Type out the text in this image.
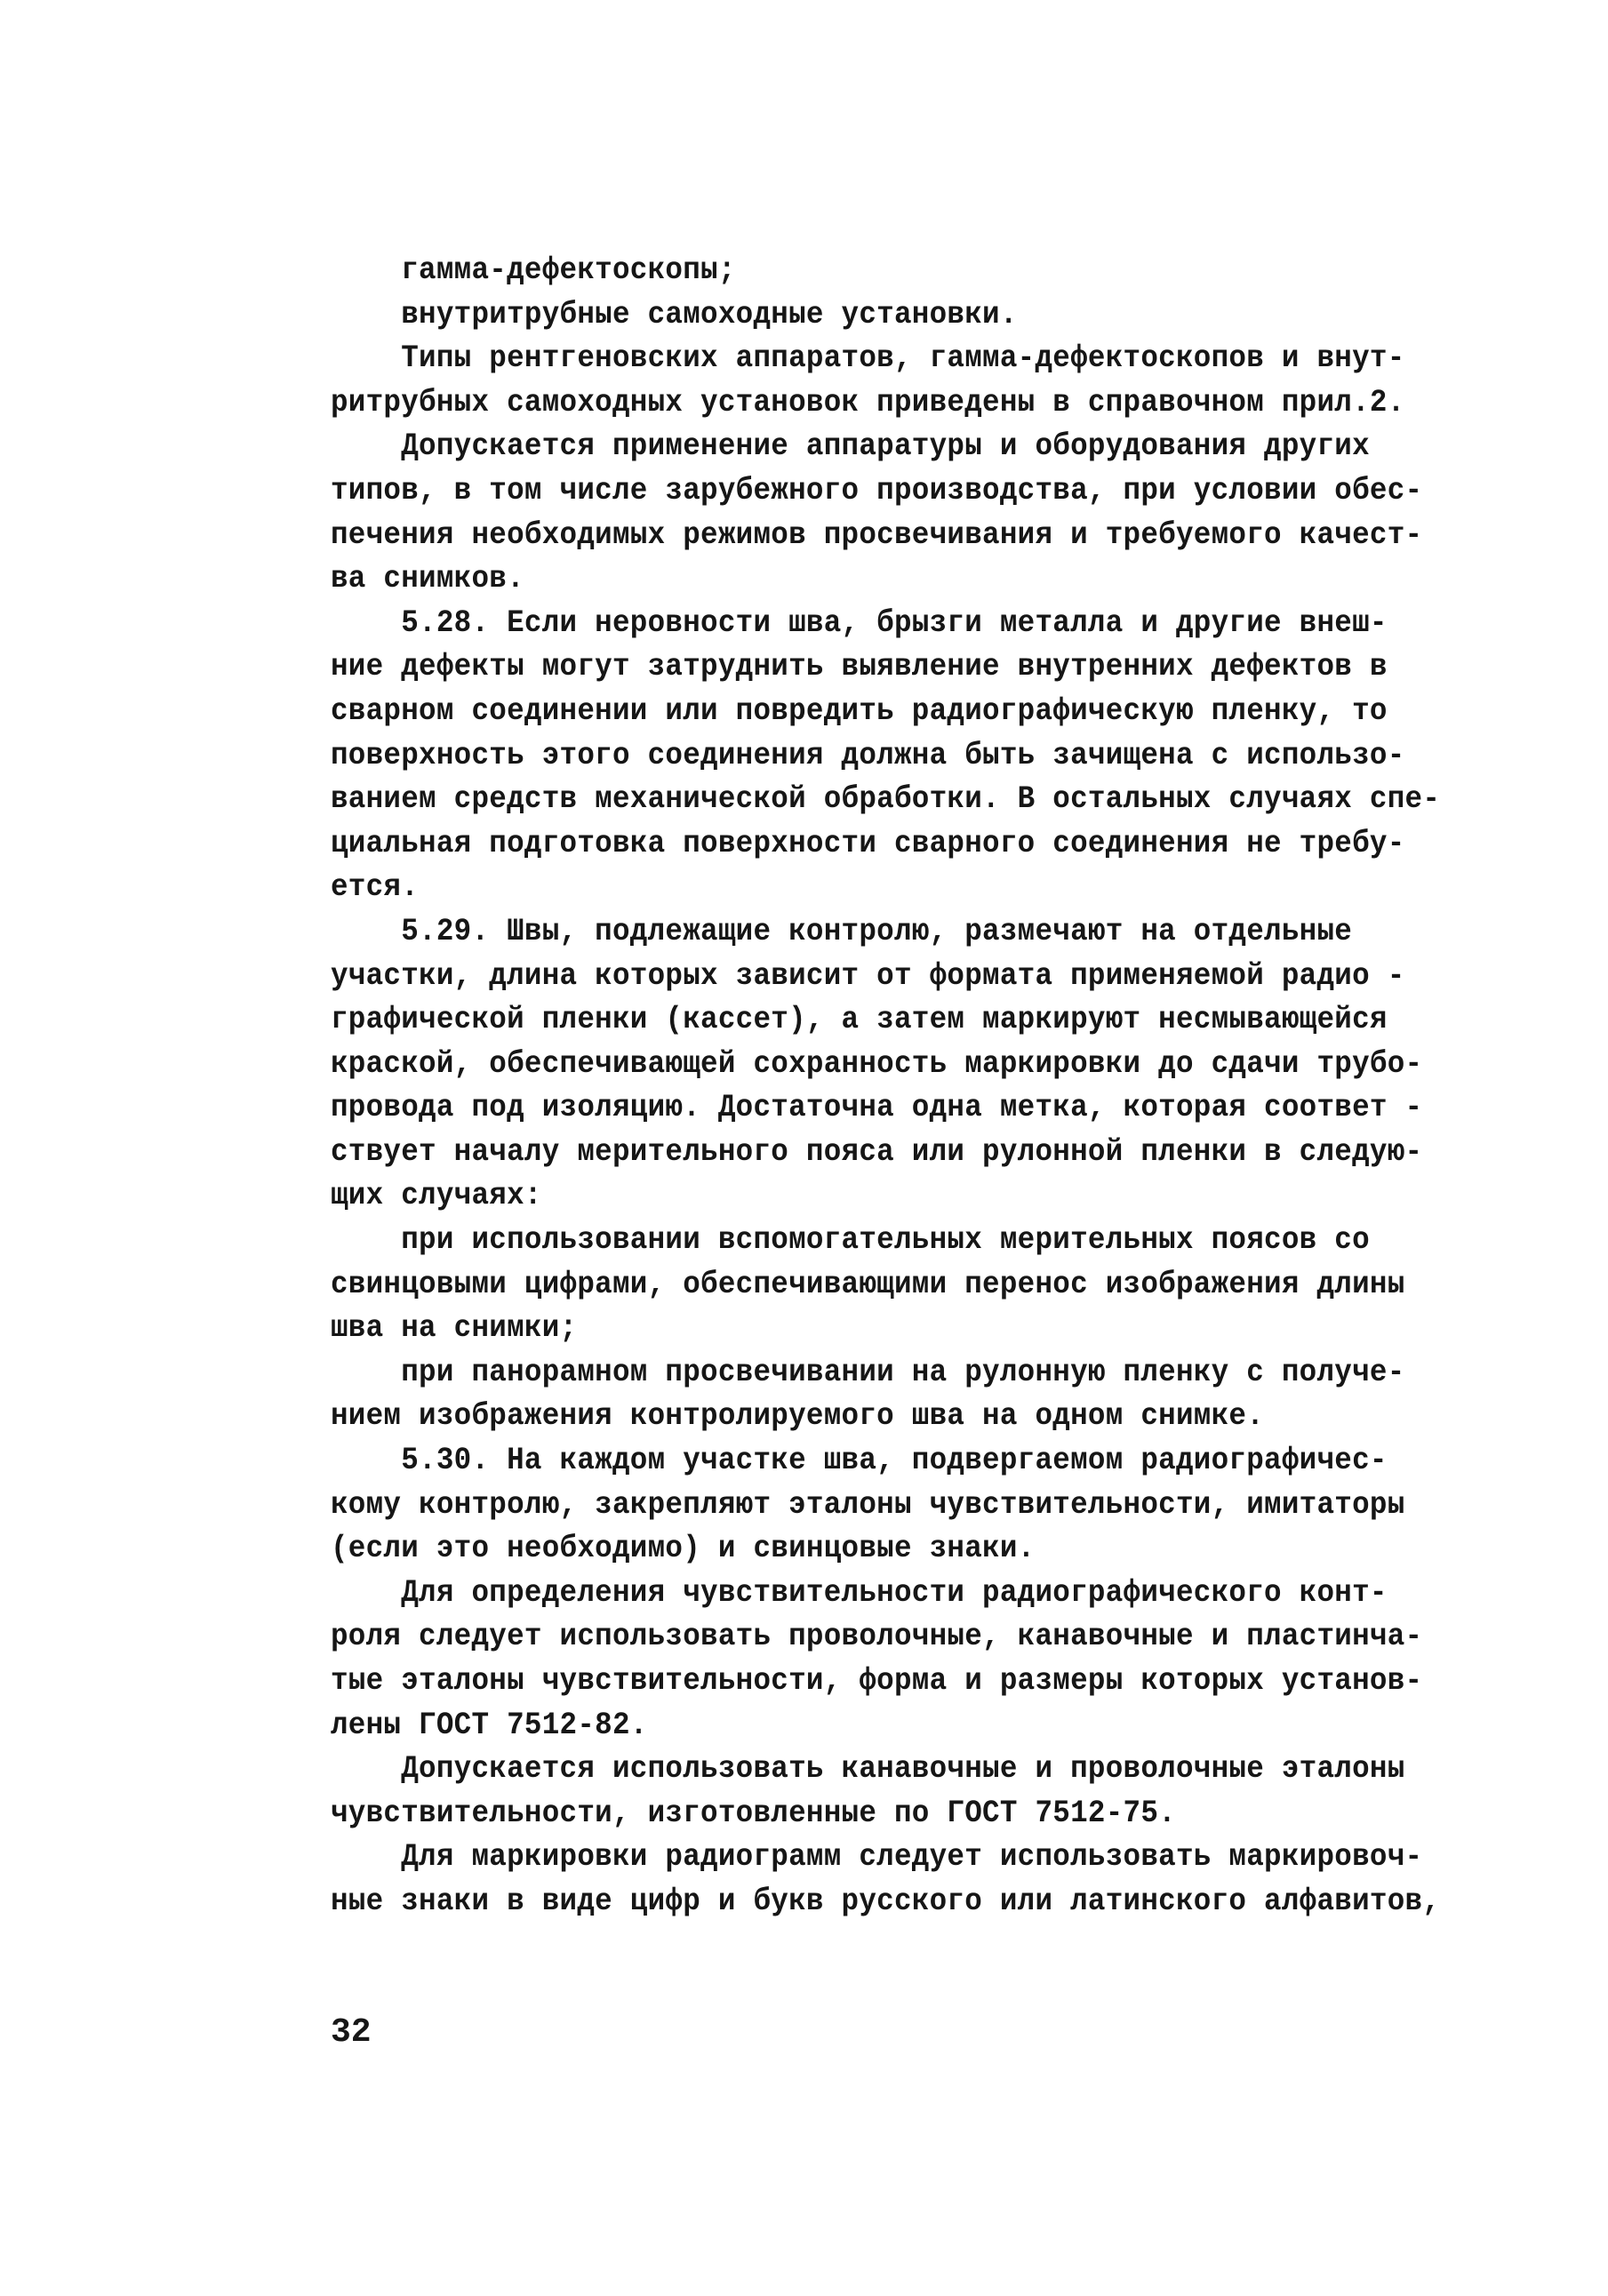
гамма-дефектоскопы;
внутритрубные самоходные установки.
Типы рентгеновских аппаратов, гамма-дефектоскопов и внут-
ритрубных самоходных установок приведены в справочном прил.2.
Допускается применение аппаратуры и оборудования других
типов, в том числе зарубежного производства, при условии обес-
печения необходимых режимов просвечивания и требуемого качест-
ва снимков.
5.28. Если неровности шва, брызги металла и другие внеш-
ние дефекты могут затруднить выявление внутренних дефектов в
сварном соединении или повредить радиографическую пленку, то
поверхность этого соединения должна быть зачищена с использо-
ванием средств механической обработки. В остальных случаях спе-
циальная подготовка поверхности сварного соединения не требу-
ется.
5.29. Швы, подлежащие контролю, размечают на отдельные
участки, длина которых зависит от формата применяемой радио -
графической пленки (кассет), а затем маркируют несмывающейся
краской, обеспечивающей сохранность маркировки до сдачи трубо-
провода под изоляцию. Достаточна одна метка, которая соответ -
ствует началу мерительного пояса или рулонной пленки в следую-
щих случаях:
при использовании вспомогательных мерительных поясов со
свинцовыми цифрами, обеспечивающими перенос изображения длины
шва на снимки;
при панорамном просвечивании на рулонную пленку с получе-
нием изображения контролируемого шва на одном снимке.
5.30. На каждом участке шва, подвергаемом радиографичес-
кому контролю, закрепляют эталоны чувствительности, имитаторы
(если это необходимо) и свинцовые знаки.
Для определения чувствительности радиографического конт-
роля следует использовать проволочные, канавочные и пластинча-
тые эталоны чувствительности, форма и размеры которых установ-
лены ГОСТ 7512-82.
Допускается использовать канавочные и проволочные эталоны
чувствительности, изготовленные по ГОСТ 7512-75.
Для маркировки радиограмм следует использовать маркировоч-
ные знаки в виде цифр и букв русского или латинского алфавитов,
32
